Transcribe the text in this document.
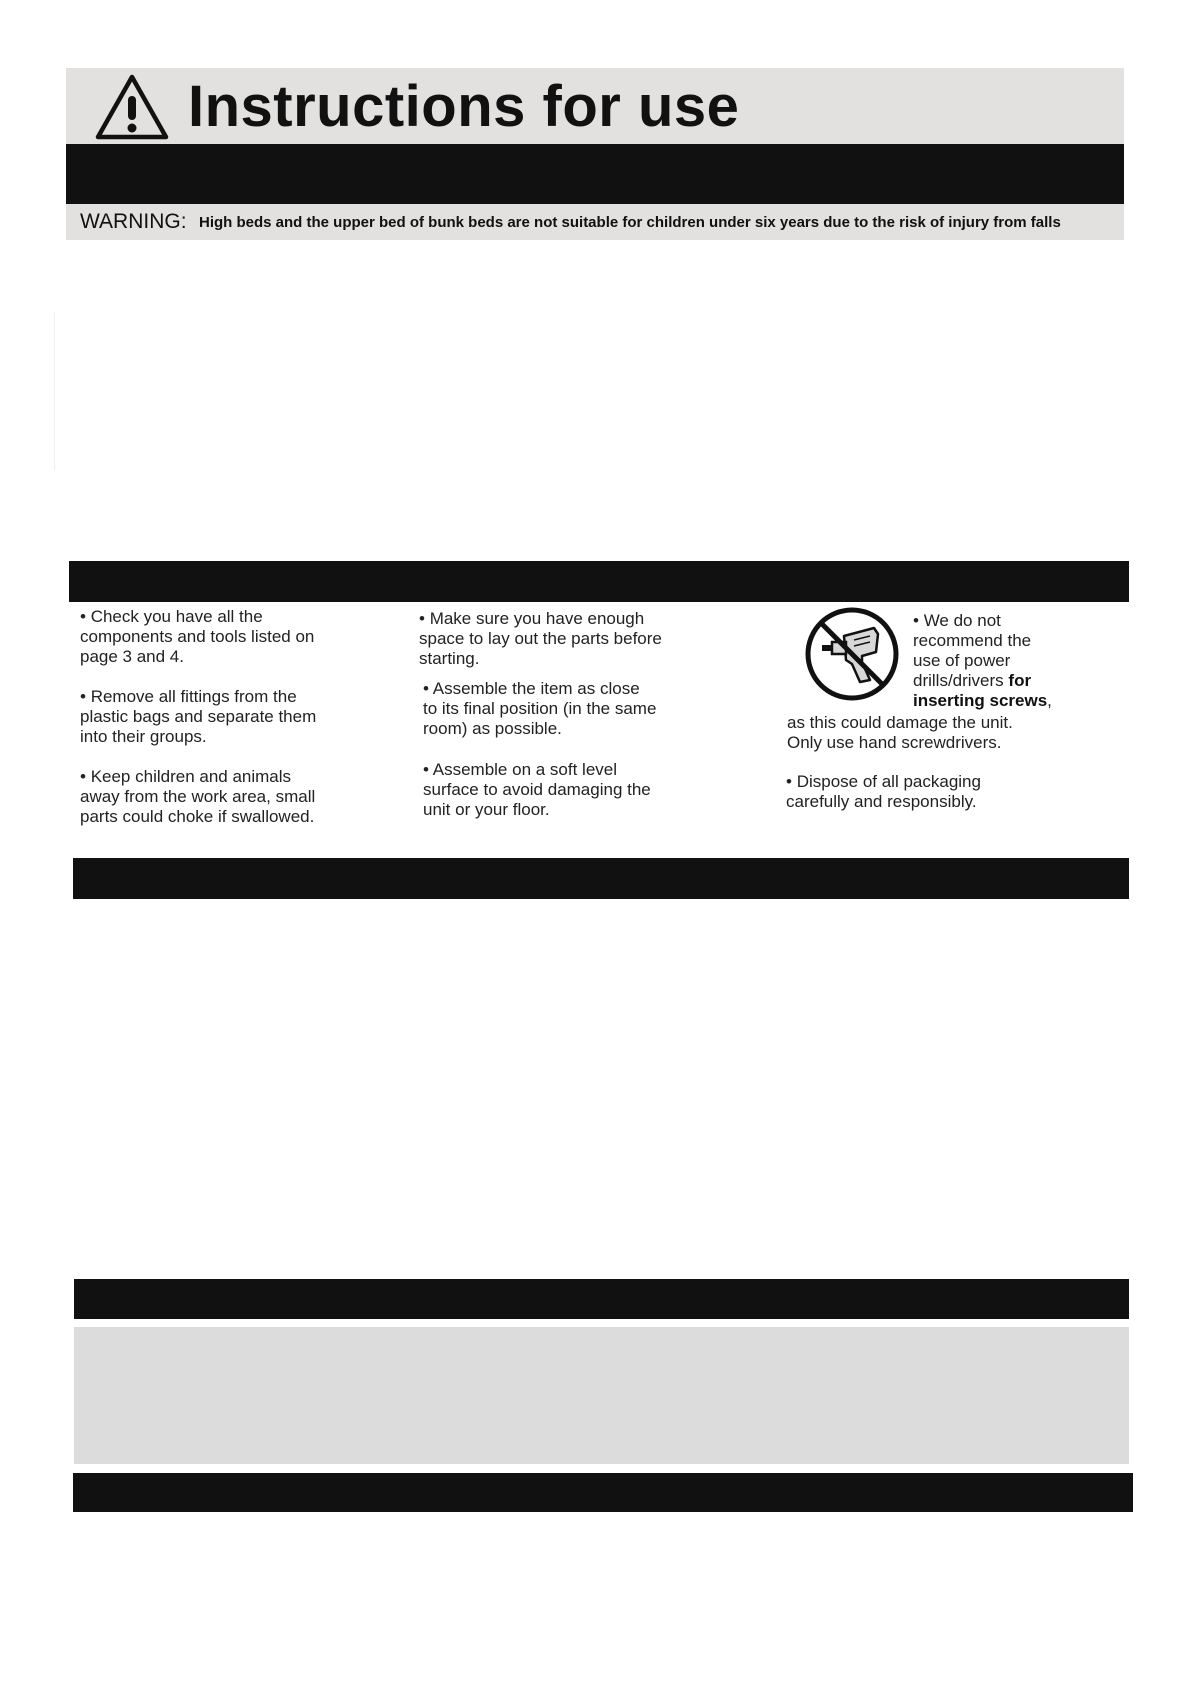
Instructions for use
WARNING: High beds and the upper bed of bunk beds are not suitable for children under six years due to the risk of injury from falls
• Check you have all the
components and tools listed on
page 3 and 4.
• Remove all fittings from the
plastic bags and separate them
into their groups.
• Keep children and animals
away from the work area, small
parts could choke if swallowed.
• Make sure you have enough
space to lay out the parts before
starting.
• Assemble the item as close
to its final position (in the same
room) as possible.
• Assemble on a soft level
surface to avoid damaging the
unit or your floor.
• We do not
recommend the
use of power
drills/drivers for
inserting screws,
as this could damage the unit.
Only use hand screwdrivers.
• Dispose of all packaging
carefully and responsibly.
